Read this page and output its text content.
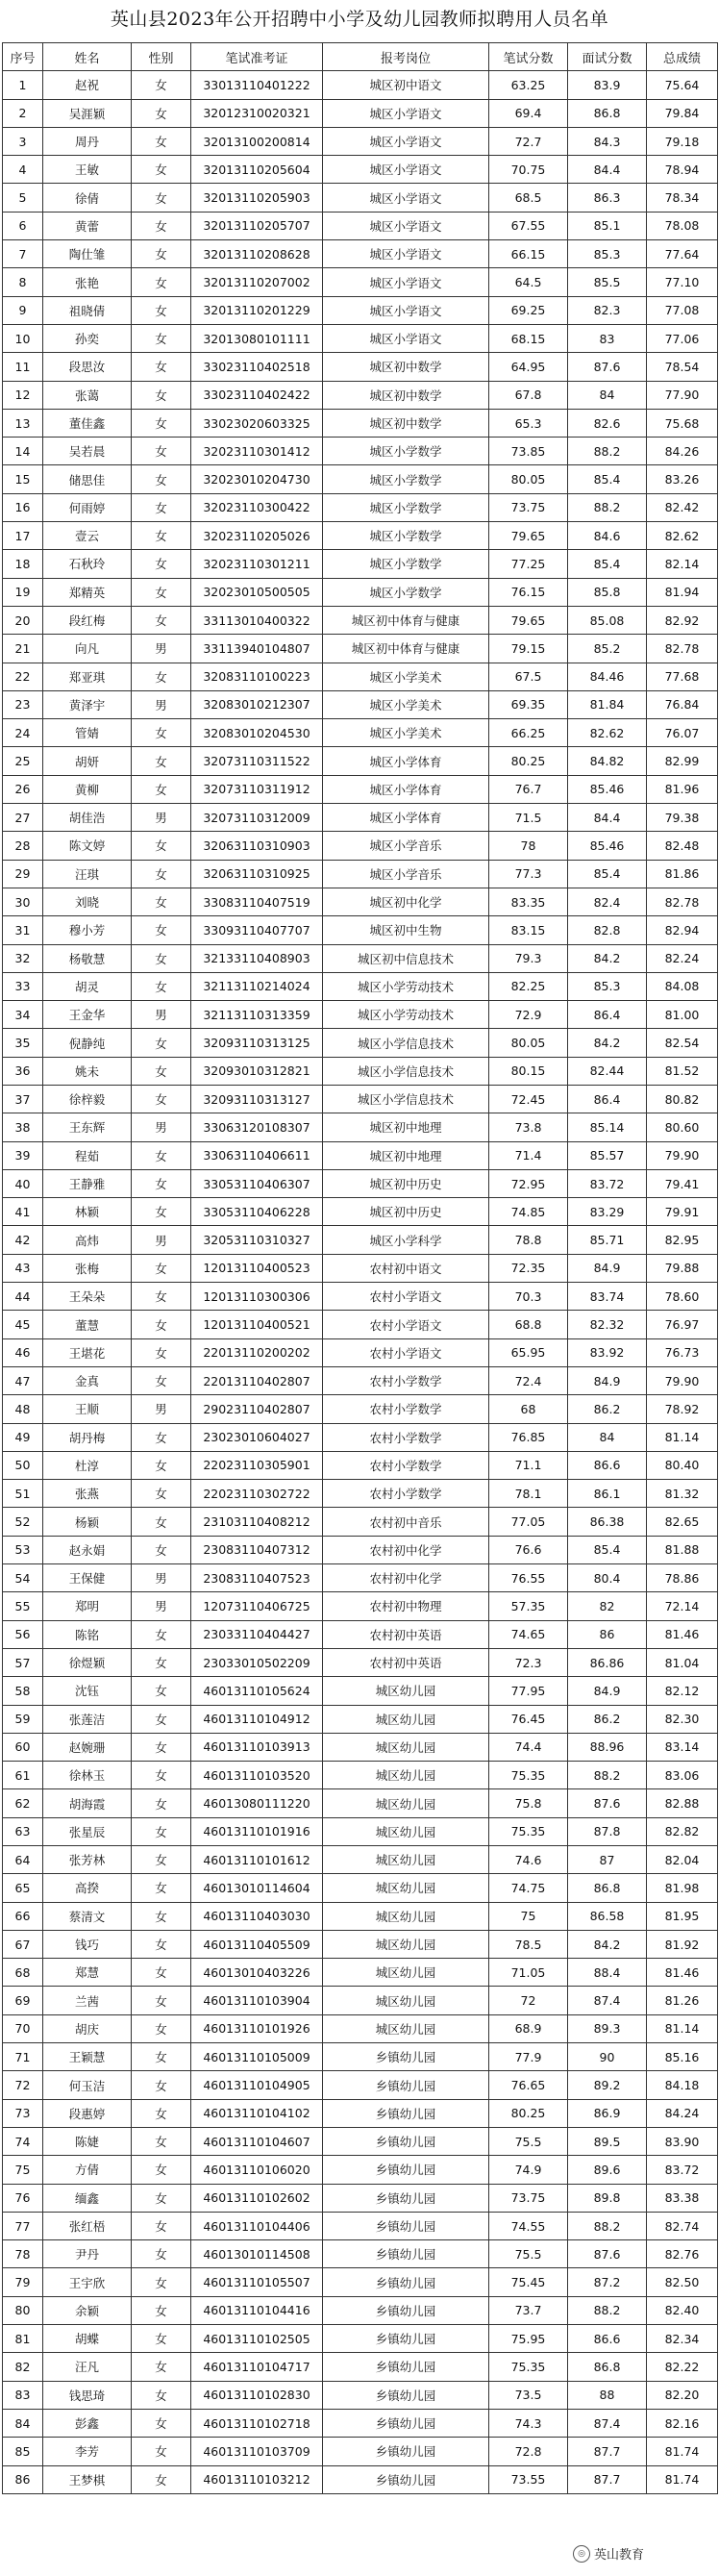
英山县2023年公开招聘中小学及幼儿园教师拟聘用人员名单
序号	姓名	性别	笔试准考证	报考岗位	笔试分数	面试分数	总成绩
1	赵祝	女	33013110401222	城区初中语文	63.25	83.9	75.64
2	吴涯颖	女	32012310020321	城区小学语文	69.4	86.8	79.84
3	周丹	女	32013100200814	城区小学语文	72.7	84.3	79.18
4	王敏	女	32013110205604	城区小学语文	70.75	84.4	78.94
5	徐倩	女	32013110205903	城区小学语文	68.5	86.3	78.34
6	黄蕾	女	32013110205707	城区小学语文	67.55	85.1	78.08
7	陶仕雏	女	32013110208628	城区小学语文	66.15	85.3	77.64
8	张艳	女	32013110207002	城区小学语文	64.5	85.5	77.10
9	祖晓倩	女	32013110201229	城区小学语文	69.25	82.3	77.08
10	孙奕	女	32013080101111	城区小学语文	68.15	83	77.06
11	段思汝	女	33023110402518	城区初中数学	64.95	87.6	78.54
12	张蔼	女	33023110402422	城区初中数学	67.8	84	77.90
13	董佳鑫	女	33023020603325	城区初中数学	65.3	82.6	75.68
14	吴若晨	女	32023110301412	城区小学数学	73.85	88.2	84.26
15	储思佳	女	32023010204730	城区小学数学	80.05	85.4	83.26
16	何雨婷	女	32023110300422	城区小学数学	73.75	88.2	82.42
17	壹云	女	32023110205026	城区小学数学	79.65	84.6	82.62
18	石秋玲	女	32023110301211	城区小学数学	77.25	85.4	82.14
19	郑精英	女	32023010500505	城区小学数学	76.15	85.8	81.94
20	段红梅	女	33113010400322	城区初中体育与健康	79.65	85.08	82.92
21	向凡	男	33113940104807	城区初中体育与健康	79.15	85.2	82.78
22	郑亚琪	女	32083110100223	城区小学美术	67.5	84.46	77.68
23	黄泽宇	男	32083010212307	城区小学美术	69.35	81.84	76.84
24	管婧	女	32083010204530	城区小学美术	66.25	82.62	76.07
25	胡妍	女	32073110311522	城区小学体育	80.25	84.82	82.99
26	黄柳	女	32073110311912	城区小学体育	76.7	85.46	81.96
27	胡佳浩	男	32073110312009	城区小学体育	71.5	84.4	79.38
28	陈文婷	女	32063110310903	城区小学音乐	78	85.46	82.48
29	汪琪	女	32063110310925	城区小学音乐	77.3	85.4	81.86
30	刘晓	女	33083110407519	城区初中化学	83.35	82.4	82.78
31	穆小芳	女	33093110407707	城区初中生物	83.15	82.8	82.94
32	杨敬慧	女	32133110408903	城区初中信息技术	79.3	84.2	82.24
33	胡灵	女	32113110214024	城区小学劳动技术	82.25	85.3	84.08
34	王金华	男	32113110313359	城区小学劳动技术	72.9	86.4	81.00
35	倪静纯	女	32093110313125	城区小学信息技术	80.05	84.2	82.54
36	姚未	女	32093010312821	城区小学信息技术	80.15	82.44	81.52
37	徐梓毅	女	32093110313127	城区小学信息技术	72.45	86.4	80.82
38	王东辉	男	33063120108307	城区初中地理	73.8	85.14	80.60
39	程茹	女	33063110406611	城区初中地理	71.4	85.57	79.90
40	王静雅	女	33053110406307	城区初中历史	72.95	83.72	79.41
41	林颖	女	33053110406228	城区初中历史	74.85	83.29	79.91
42	高炜	男	32053110310327	城区小学科学	78.8	85.71	82.95
43	张梅	女	12013110400523	农村初中语文	72.35	84.9	79.88
44	王朵朵	女	12013110300306	农村小学语文	70.3	83.74	78.60
45	董慧	女	12013110400521	农村小学语文	68.8	82.32	76.97
46	王堪花	女	22013110200202	农村小学语文	65.95	83.92	76.73
47	金真	女	22013110402807	农村小学数学	72.4	84.9	79.90
48	王顺	男	29023110402807	农村小学数学	68	86.2	78.92
49	胡丹梅	女	23023010604027	农村小学数学	76.85	84	81.14
50	杜淳	女	22023110305901	农村小学数学	71.1	86.6	80.40
51	张燕	女	22023110302722	农村小学数学	78.1	86.1	81.32
52	杨颖	女	23103110408212	农村初中音乐	77.05	86.38	82.65
53	赵永娟	女	23083110407312	农村初中化学	76.6	85.4	81.88
54	王保健	男	23083110407523	农村初中化学	76.55	80.4	78.86
55	郑明	男	12073110406725	农村初中物理	57.35	82	72.14
56	陈铭	女	23033110404427	农村初中英语	74.65	86	81.46
57	徐煜颖	女	23033010502209	农村初中英语	72.3	86.86	81.04
58	沈钰	女	46013110105624	城区幼儿园	77.95	84.9	82.12
59	张莲洁	女	46013110104912	城区幼儿园	76.45	86.2	82.30
60	赵婉珊	女	46013110103913	城区幼儿园	74.4	88.96	83.14
61	徐林玉	女	46013110103520	城区幼儿园	75.35	88.2	83.06
62	胡海霞	女	46013080111220	城区幼儿园	75.8	87.6	82.88
63	张星辰	女	46013110101916	城区幼儿园	75.35	87.8	82.82
64	张芳林	女	46013110101612	城区幼儿园	74.6	87	82.04
65	高揆	女	46013010114604	城区幼儿园	74.75	86.8	81.98
66	蔡清文	女	46013110403030	城区幼儿园	75	86.58	81.95
67	钱巧	女	46013110405509	城区幼儿园	78.5	84.2	81.92
68	郑慧	女	46013010403226	城区幼儿园	71.05	88.4	81.46
69	兰茜	女	46013110103904	城区幼儿园	72	87.4	81.26
70	胡庆	女	46013110101926	城区幼儿园	68.9	89.3	81.14
71	王颖慧	女	46013110105009	乡镇幼儿园	77.9	90	85.16
72	何玉洁	女	46013110104905	乡镇幼儿园	76.65	89.2	84.18
73	段惠婷	女	46013110104102	乡镇幼儿园	80.25	86.9	84.24
74	陈婕	女	46013110104607	乡镇幼儿园	75.5	89.5	83.90
75	方倩	女	46013110106020	乡镇幼儿园	74.9	89.6	83.72
76	缅鑫	女	46013110102602	乡镇幼儿园	73.75	89.8	83.38
77	张红梧	女	46013110104406	乡镇幼儿园	74.55	88.2	82.74
78	尹丹	女	46013010114508	乡镇幼儿园	75.5	87.6	82.76
79	王宇欣	女	46013110105507	乡镇幼儿园	75.45	87.2	82.50
80	余颖	女	46013110104416	乡镇幼儿园	73.7	88.2	82.40
81	胡蝶	女	46013110102505	乡镇幼儿园	75.95	86.6	82.34
82	汪凡	女	46013110104717	乡镇幼儿园	75.35	86.8	82.22
83	钱思琦	女	46013110102830	乡镇幼儿园	73.5	88	82.20
84	彭鑫	女	46013110102718	乡镇幼儿园	74.3	87.4	82.16
85	李芳	女	46013110103709	乡镇幼儿园	72.8	87.7	81.74
86	王梦棋	女	46013110103212	乡镇幼儿园	73.55	87.7	81.74
◎ 英山教育
